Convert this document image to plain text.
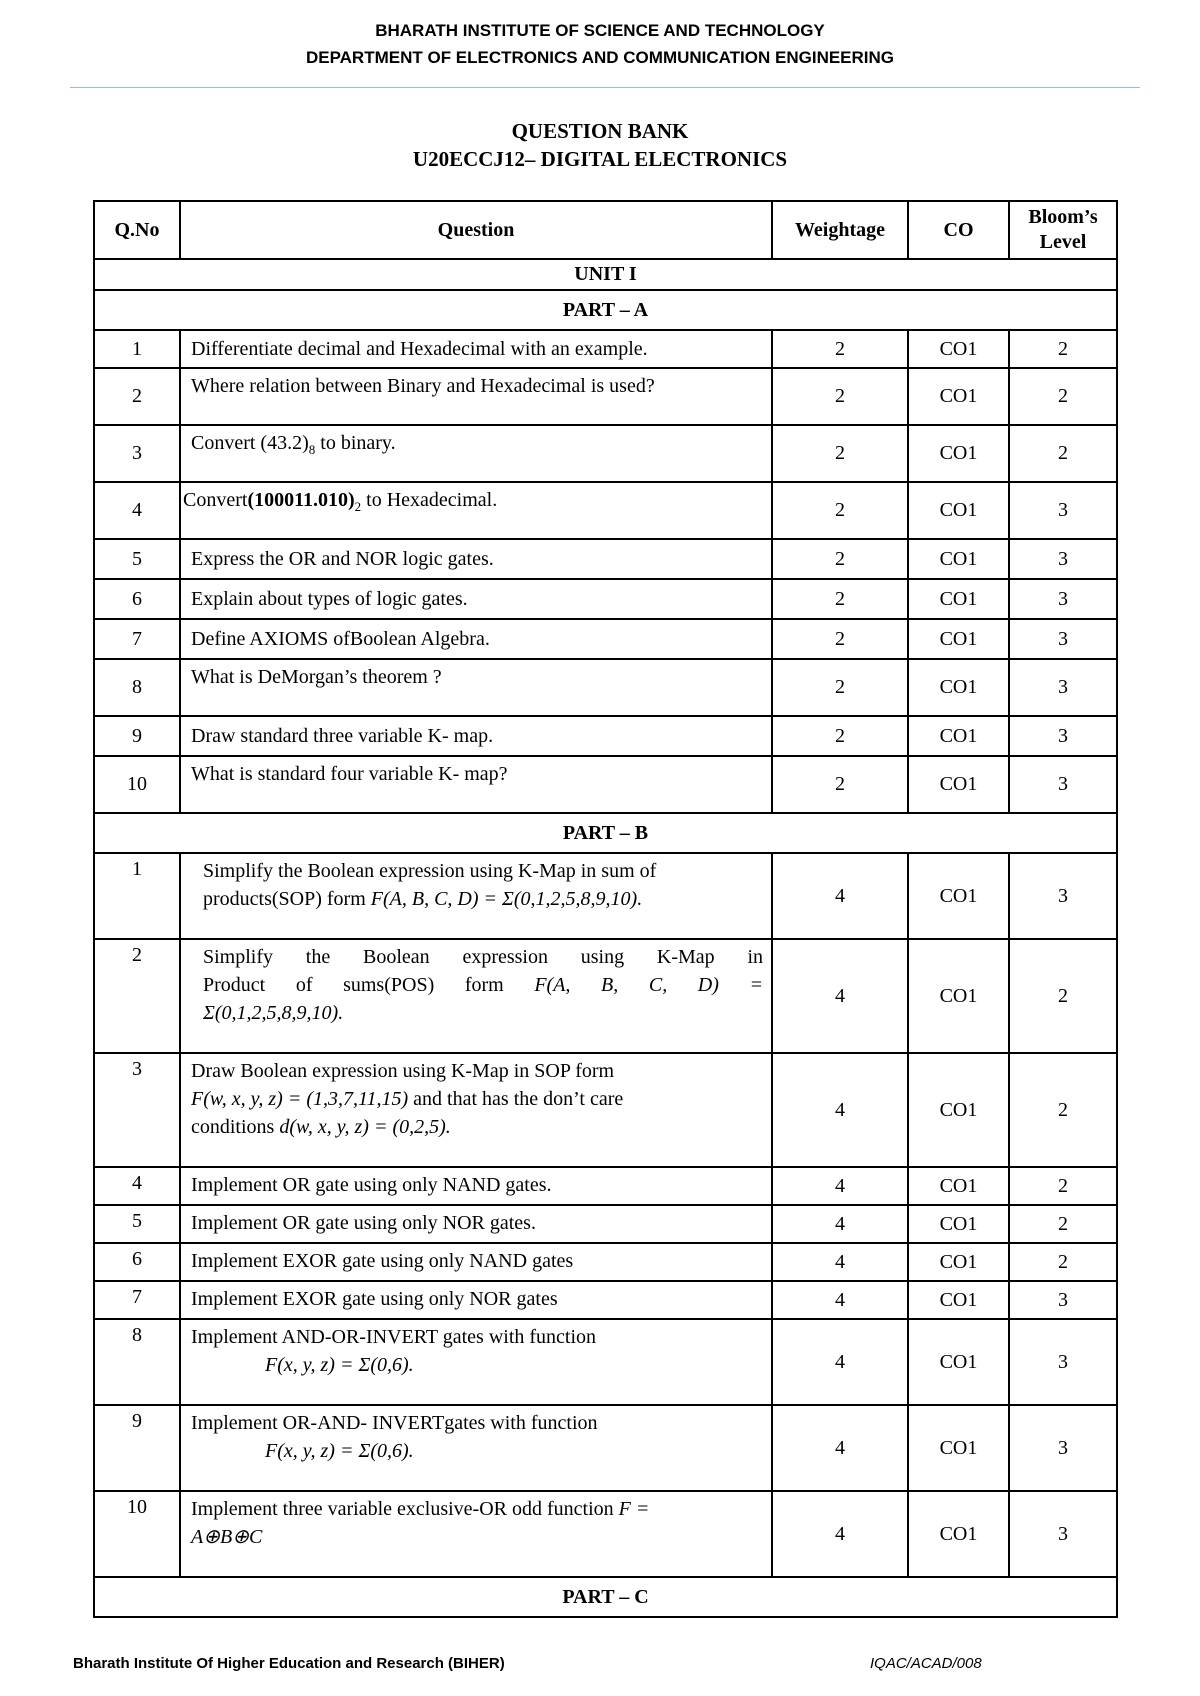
BHARATH INSTITUTE OF SCIENCE AND TECHNOLOGY
DEPARTMENT OF ELECTRONICS AND COMMUNICATION ENGINEERING
QUESTION BANK
U20ECCJ12– DIGITAL ELECTRONICS
Q.No	Question	Weightage	CO	Bloom’s Level
UNIT I				
PART – A				
1	Differentiate decimal and Hexadecimal with an example.	2	CO1	2
2	Where relation between Binary and Hexadecimal is used?	2	CO1	2
3	Convert $(43.2)_8$ to binary.	2	CO1	2
4	$Convert(100011.010)_2$ to Hexadecimal.	2	CO1	3
5	Express the OR and NOR logic gates.	2	CO1	3
6	Explain about types of logic gates.	2	CO1	3
7	Define AXIOMS ofBoolean Algebra.	2	CO1	3
8	What is DeMorgan’s theorem ?	2	CO1	3
9	Draw standard three variable K- map.	2	CO1	3
10	What is standard four variable K- map?	2	CO1	3
PART – B				
1	Simplify the Boolean expression using K-Map in sum of
products(SOP) form F(A, B, C, D) = Σ(0,1,2,5,8,9,10).	4	CO1	3
2	Simplify the Boolean expression using K-Map in
Product of sums(POS) form F(A, B, C, D) =
Σ(0,1,2,5,8,9,10).	4	CO1	2
3	Draw Boolean expression using K-Map in SOP form
F(w, x, y, z) = (1,3,7,11,15) and that has the don’t care
conditions d(w, x, y, z) = (0,2,5).	4	CO1	2
4	Implement OR gate using only NAND gates.	4	CO1	2
5	Implement OR gate using only NOR gates.	4	CO1	2
6	Implement EXOR gate using only NAND gates	4	CO1	2
7	Implement EXOR gate using only NOR gates	4	CO1	3
8	Implement AND-OR-INVERT gates with function
F(x, y, z) = Σ(0,6).	4	CO1	3
9	Implement OR-AND- INVERTgates with function
F(x, y, z) = Σ(0,6).	4	CO1	3
10	Implement three variable exclusive-OR odd function F =
A⊕B⊕C	4	CO1	3
PART – C				
Bharath Institute Of Higher Education and Research (BIHER)	IQAC/ACAD/008
